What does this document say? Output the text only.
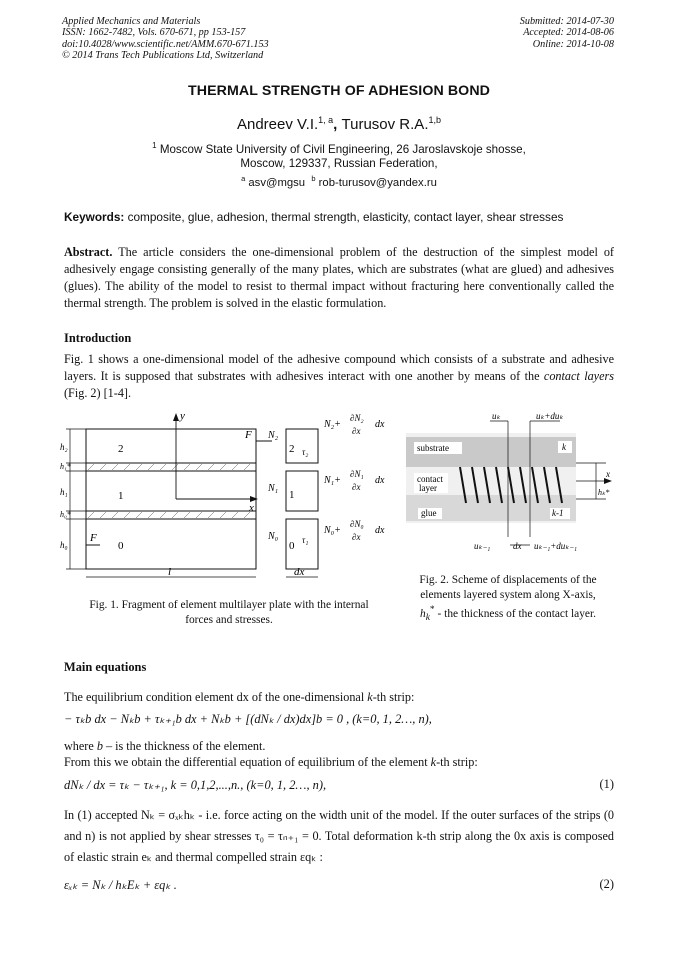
Applied Mechanics and Materials
ISSN: 1662-7482, Vols. 670-671, pp 153-157
doi:10.4028/www.scientific.net/AMM.670-671.153
© 2014 Trans Tech Publications Ltd, Switzerland
Submitted: 2014-07-30
Accepted: 2014-08-06
Online: 2014-10-08
THERMAL STRENGTH OF ADHESION BOND
Andreev V.I.$^{1, a}$, Turusov R.A.$^{1,b}$
$^1$ Moscow State University of Civil Engineering, 26 Jaroslavskoje shosse,
Moscow, 129337, Russian Federation,
$^a$ asv@mgsu $^b$ rob-turusov@yandex.ru
Keywords: composite, glue, adhesion, thermal strength, elasticity, contact layer, shear stresses
Abstract. The article considers the one-dimensional problem of the destruction of the simplest model of adhesively engage consisting generally of the many plates, which are substrates (what are glued) and adhesives (glues). The ability of the model to resist to thermal impact without fracturing here conventionally called the thermal strength. The problem is solved in the elastic formulation.
Introduction
Fig. 1 shows a one-dimensional model of the adhesive compound which consists of a substrate and adhesive layers. It is supposed that substrates with adhesives interact with one another by means of the contact layers (Fig. 2) [1-4].
h₂
h₁*
h₁
h₀*
h₀
2
1
0
y
x
F
F
l
2
1
0
τ₂
τ₁
N₂
N₁
N₀
N₂+
∂N₂
∂x
dx
N₁+
∂N₁
∂x
dx
N₀+
∂N₀
∂x
dx
dx
Fig. 1. Fragment of element multilayer plate with the internal forces and stresses.
substrate
contact
layer
glue
k
k-1
uₖ	uₖ+duₖ
x
hₖ*
uₖ₋₁	dx uₖ₋₁+duₖ₋₁
Fig. 2. Scheme of displacements of the
elements layered system along X-axis,
$h_k^*$ - the thickness of the contact layer.
Main equations
The equilibrium condition element dx of the one-dimensional k-th strip:
− τₖb dx − Nₖb + τₖ₊₁b dx + Nₖb + [(dNₖ / dx)dx]b = 0 , (k=0, 1, 2…, n),
where b – is the thickness of the element.
From this we obtain the differential equation of equilibrium of the element k-th strip:
dNₖ / dx = τₖ − τₖ₊₁, k = 0,1,2,...,n., (k=0, 1, 2…, n),	(1)
In (1) accepted Nₖ = σₓₖhₖ - i.e. force acting on the width unit of the model. If the outer surfaces of the strips (0 and n) is not applied by shear stresses τ₀ = τₙ₊₁ = 0. Total deformation k-th strip along the 0x axis is composed of elastic strain eₖ and thermal compelled strain εqₖ :
εₓₖ = Nₖ / hₖEₖ + εqₖ .	(2)
